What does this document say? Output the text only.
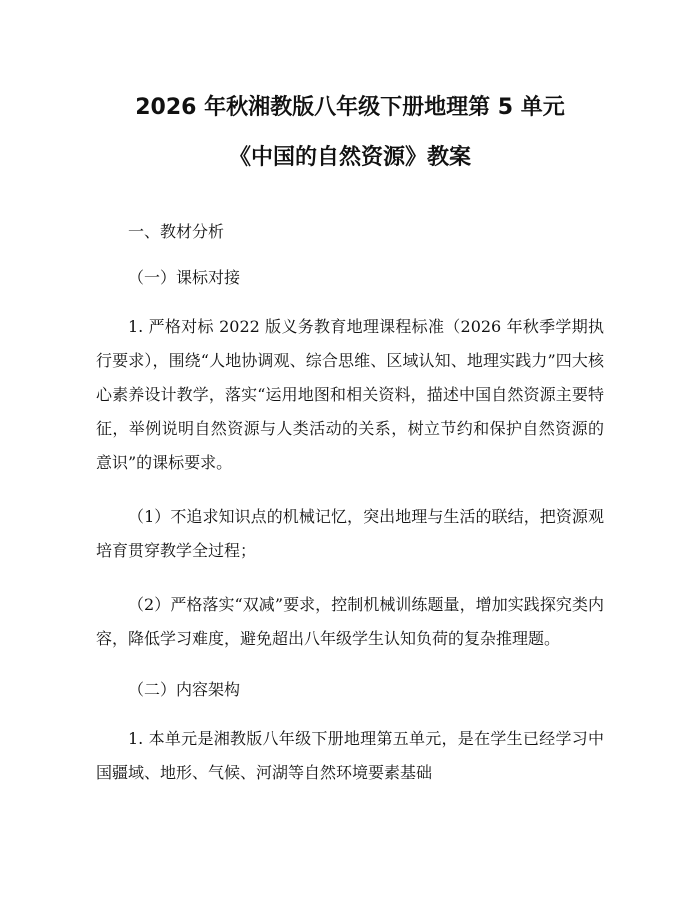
2026 年秋湘教版八年级下册地理第 5 单元
《中国的自然资源》教案

一、教材分析

（一）课标对接

1. 严格对标 2022 版义务教育地理课程标准（2026 年秋季学期执行要求），围绕“人地协调观、综合思维、区域认知、地理实践力”四大核心素养设计教学，落实“运用地图和相关资料，描述中国自然资源主要特征，举例说明自然资源与人类活动的关系，树立节约和保护自然资源的意识”的课标要求。

（1）不追求知识点的机械记忆，突出地理与生活的联结，把资源观培育贯穿教学全过程；

（2）严格落实“双减”要求，控制机械训练题量，增加实践探究类内容，降低学习难度，避免超出八年级学生认知负荷的复杂推理题。

（二）内容架构

1. 本单元是湘教版八年级下册地理第五单元，是在学生已经学习中国疆域、地形、气候、河湖等自然环境要素基础
